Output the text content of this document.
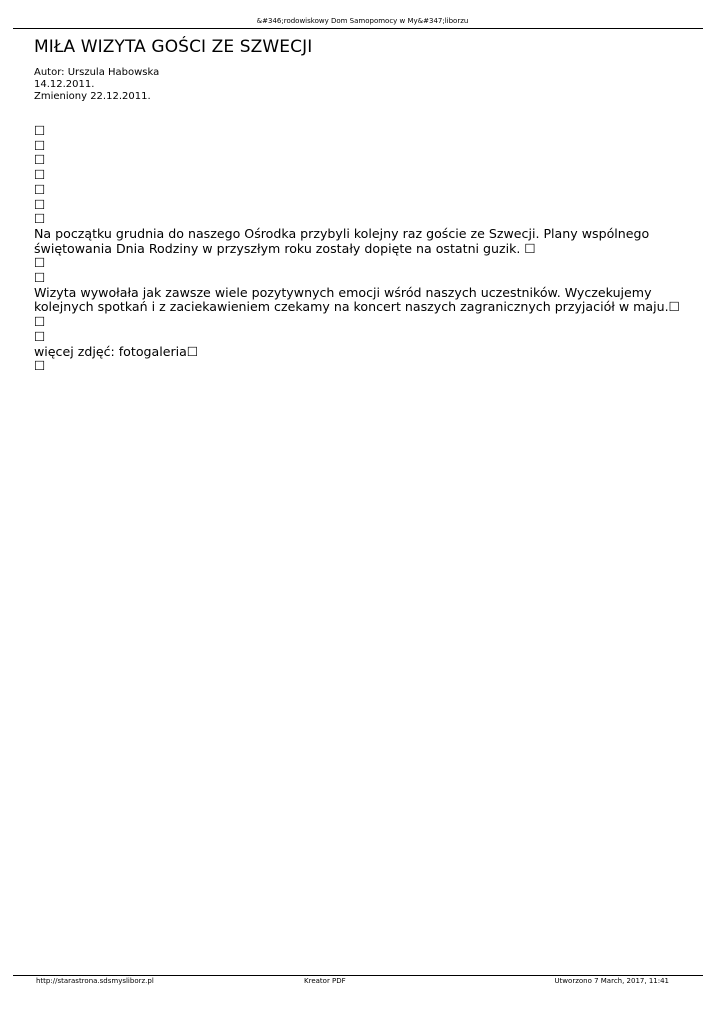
&#346;rodowiskowy Dom Samopomocy w My&#347;liborzu
MIŁA WIZYTA GOŚCI ZE SZWECJI
Autor: Urszula Habowska
14.12.2011.
Zmieniony 22.12.2011.
☐
☐
☐
☐
☐
☐
☐
Na początku grudnia do naszego Ośrodka przybyli kolejny raz goście ze Szwecji. Plany wspólnego
świętowania Dnia Rodziny w przyszłym roku zostały dopięte na ostatni guzik. ☐
☐
☐
Wizyta wywołała jak zawsze wiele pozytywnych emocji wśród naszych uczestników. Wyczekujemy
kolejnych spotkań i z zaciekawieniem czekamy na koncert naszych zagranicznych przyjaciół w maju.☐
☐
☐
więcej zdjęć: fotogaleria☐
☐
http://starastrona.sdsmysliborz.pl	Kreator PDF	Utworzono 7 March, 2017, 11:41
